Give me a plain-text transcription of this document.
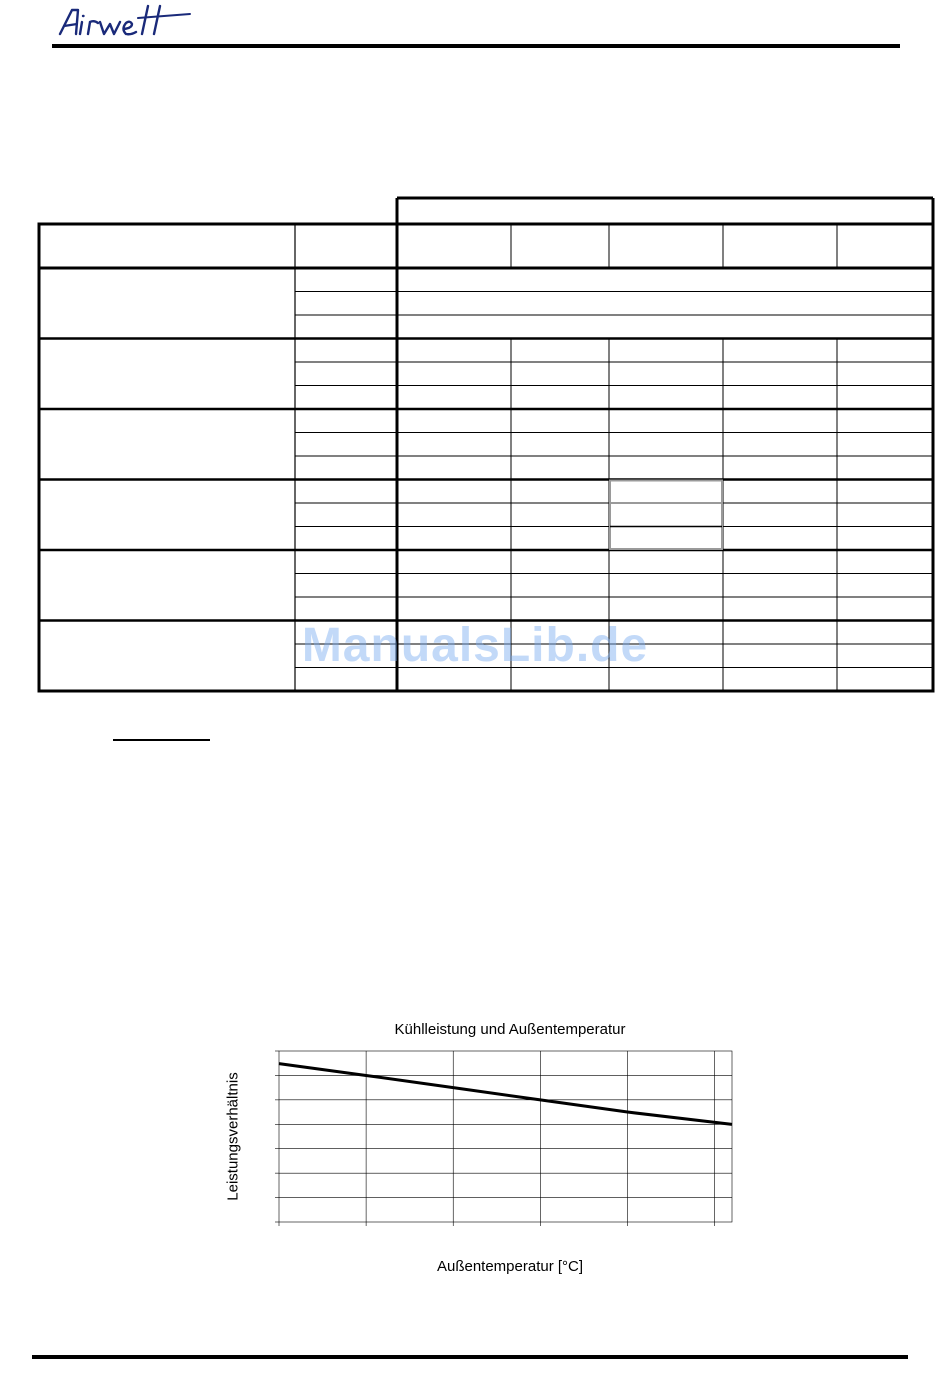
ManualsLib.de
Kühlleistung und Außentemperatur
Leistungsverhältnis
Außentemperatur [°C]
